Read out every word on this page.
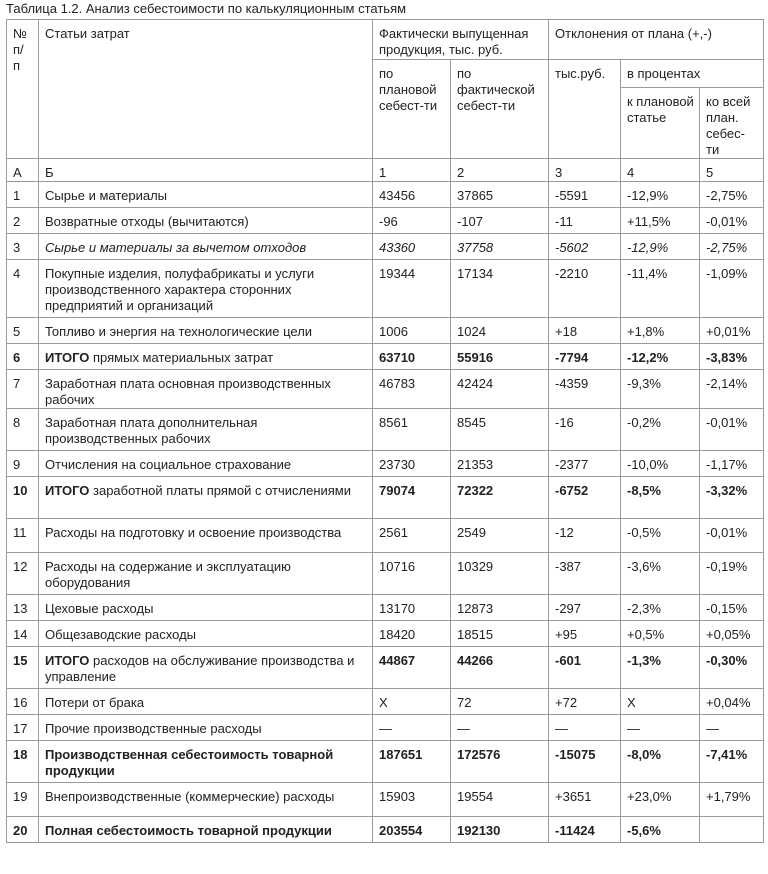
Таблица 1.2. Анализ себестоимости по калькуляционным статьям
№
п/
п	Статьи затрат	Фактически выпущенная продукция, тыс. руб.		Отклонения от плана (+,-)		
		по плановой себест-ти	по фактической себест-ти	тыс.руб.	в процентах	
					к плановой статье	ко всей план. себес-ти
А	Б	1	2	3	4	5
1	Сырье и материалы	43456	37865	-5591	-12,9%	-2,75%
2	Возвратные отходы (вычитаются)	-96	-107	-11	+11,5%	-0,01%
3	Сырье и материалы за вычетом отходов	43360	37758	-5602	-12,9%	-2,75%
4	Покупные изделия, полуфабрикаты и услуги производственного характера сторонних предприятий и организаций	19344	17134	-2210	-11,4%	-1,09%
5	Топливо и энергия на технологические цели	1006	1024	+18	+1,8%	+0,01%
6	ИТОГО прямых материальных затрат	63710	55916	-7794	-12,2%	-3,83%
7	Заработная плата основная производственных рабочих	46783	42424	-4359	-9,3%	-2,14%
8	Заработная плата дополнительная производственных рабочих	8561	8545	-16	-0,2%	-0,01%
9	Отчисления на социальное страхование	23730	21353	-2377	-10,0%	-1,17%
10	ИТОГО заработной платы прямой с отчислениями	79074	72322	-6752	-8,5%	-3,32%
11	Расходы на подготовку и освоение производства	2561	2549	-12	-0,5%	-0,01%
12	Расходы на содержание и эксплуатацию оборудования	10716	10329	-387	-3,6%	-0,19%
13	Цеховые расходы	13170	12873	-297	-2,3%	-0,15%
14	Общезаводские расходы	18420	18515	+95	+0,5%	+0,05%
15	ИТОГО расходов на обслуживание производства и управление	44867	44266	-601	-1,3%	-0,30%
16	Потери от брака	X	72	+72	X	+0,04%
17	Прочие производственные расходы	—	—	—	—	—
18	Производственная себестоимость товарной продукции	187651	172576	-15075	-8,0%	-7,41%
19	Внепроизводственные (коммерческие) расходы	15903	19554	+3651	+23,0%	+1,79%
20	Полная себестоимость товарной продукции	203554	192130	-11424	-5,6%	
